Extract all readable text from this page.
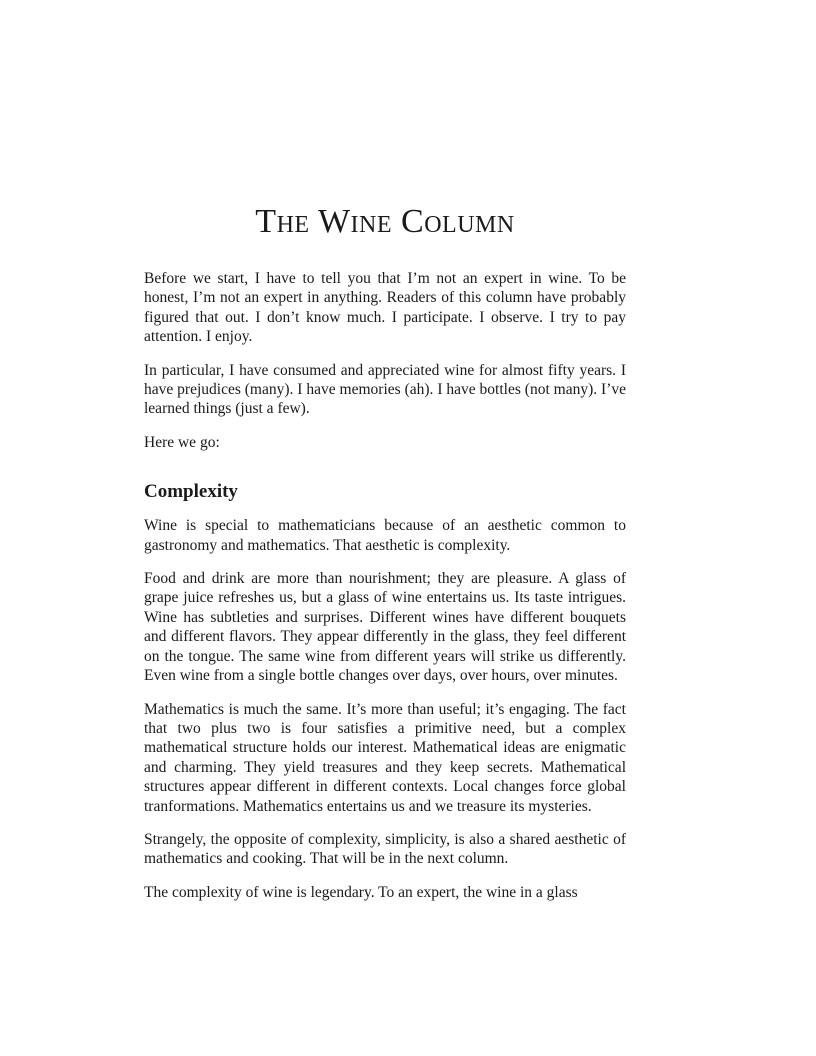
The Wine Column

Before we start, I have to tell you that I’m not an expert in wine. To be honest, I’m not an expert in anything. Readers of this column have probably figured that out. I don’t know much. I participate. I observe. I try to pay attention. I enjoy.

In particular, I have consumed and appreciated wine for almost fifty years. I have prejudices (many). I have memories (ah). I have bottles (not many). I’ve learned things (just a few).

Here we go:

Complexity

Wine is special to mathematicians because of an aesthetic common to gastronomy and mathematics. That aesthetic is complexity.

Food and drink are more than nourishment; they are pleasure. A glass of grape juice refreshes us, but a glass of wine entertains us. Its taste intrigues. Wine has subtleties and surprises. Different wines have different bouquets and different flavors. They appear differently in the glass, they feel different on the tongue. The same wine from different years will strike us differently. Even wine from a single bottle changes over days, over hours, over minutes.

Mathematics is much the same. It’s more than useful; it’s engaging. The fact that two plus two is four satisfies a primitive need, but a complex mathematical structure holds our interest. Mathematical ideas are enigmatic and charming. They yield treasures and they keep secrets. Mathematical structures appear different in different contexts. Local changes force global tranformations. Mathematics entertains us and we treasure its mysteries.

Strangely, the opposite of complexity, simplicity, is also a shared aesthetic of mathematics and cooking. That will be in the next column.

The complexity of wine is legendary. To an expert, the wine in a glass
